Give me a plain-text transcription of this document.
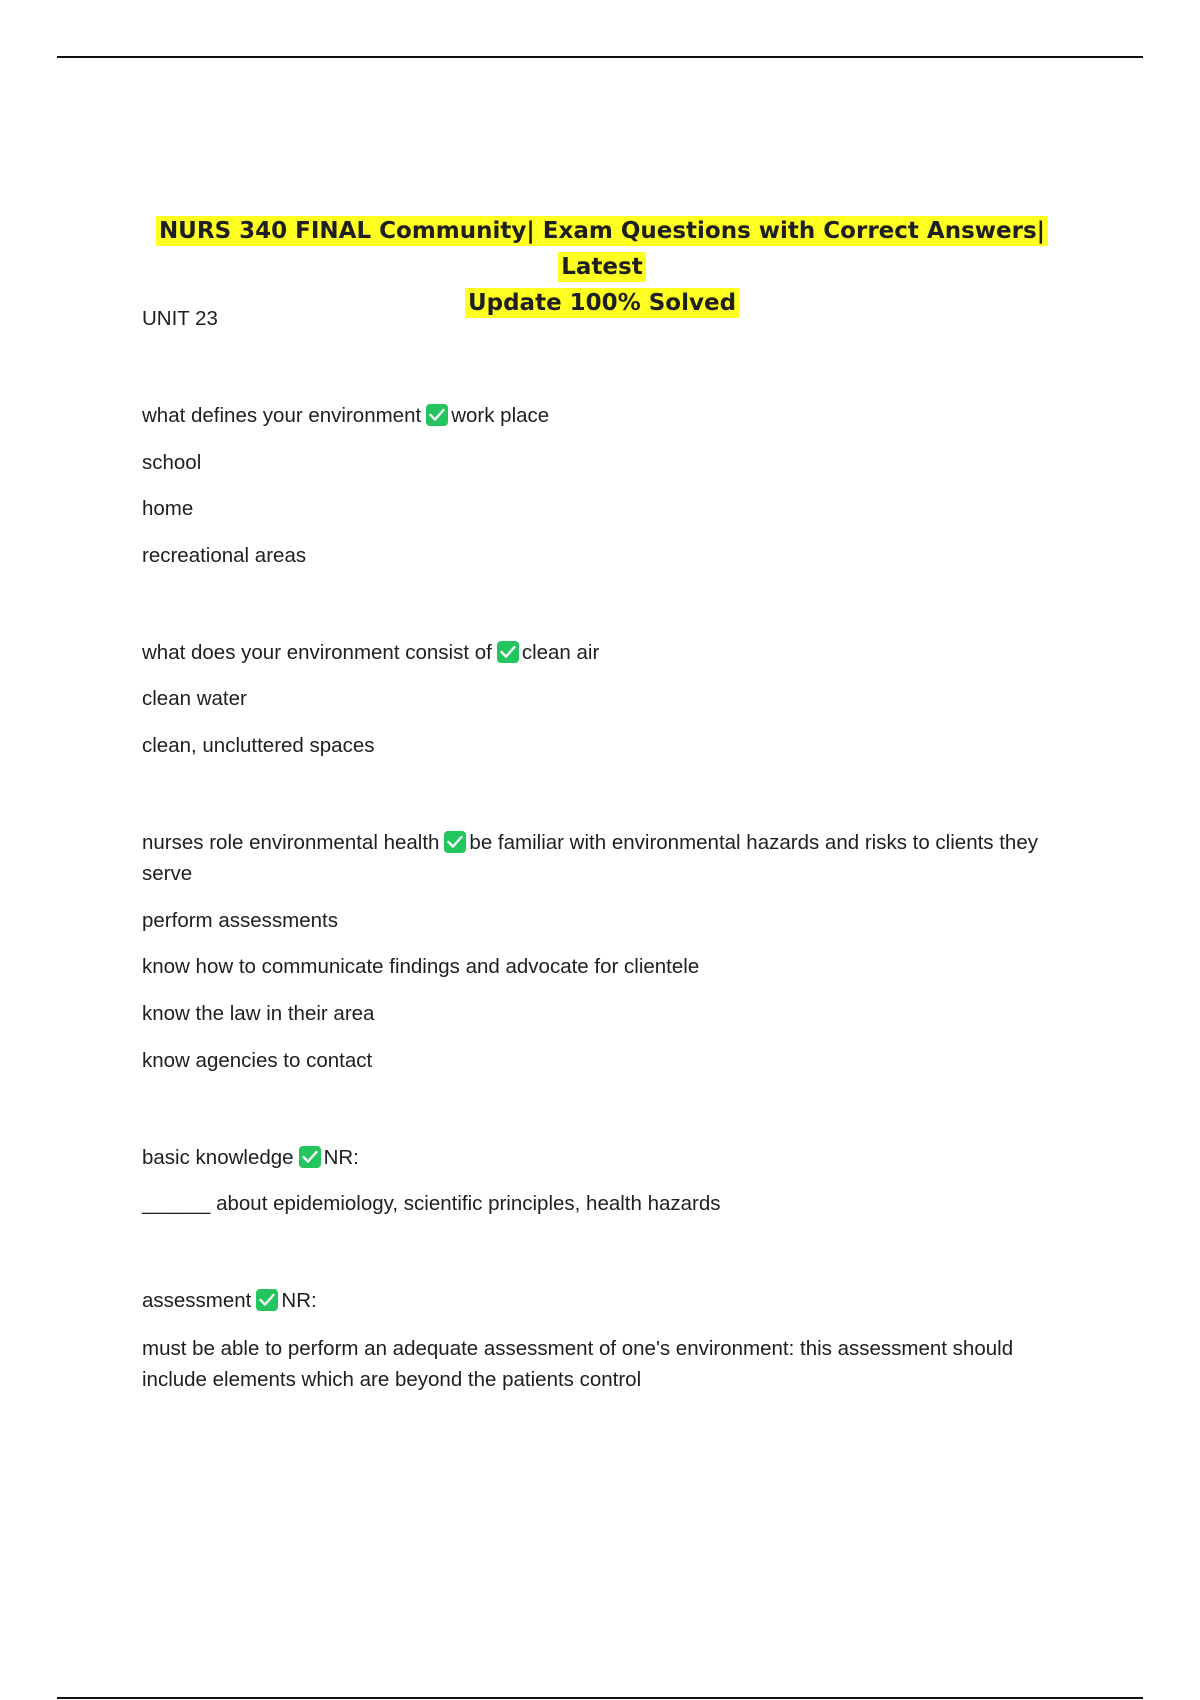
NURS 340 FINAL Community| Exam Questions with Correct Answers| Latest
Update 100% Solved
UNIT 23
what defines your environment work place
school
home
recreational areas
what does your environment consist of clean air
clean water
clean, uncluttered spaces
nurses role environmental health be familiar with environmental hazards and risks to clients they serve
perform assessments
know how to communicate findings and advocate for clientele
know the law in their area
know agencies to contact
basic knowledge NR:
______ about epidemiology, scientific principles, health hazards
assessment NR:
must be able to perform an adequate assessment of one's environment: this assessment should include elements which are beyond the patients control
